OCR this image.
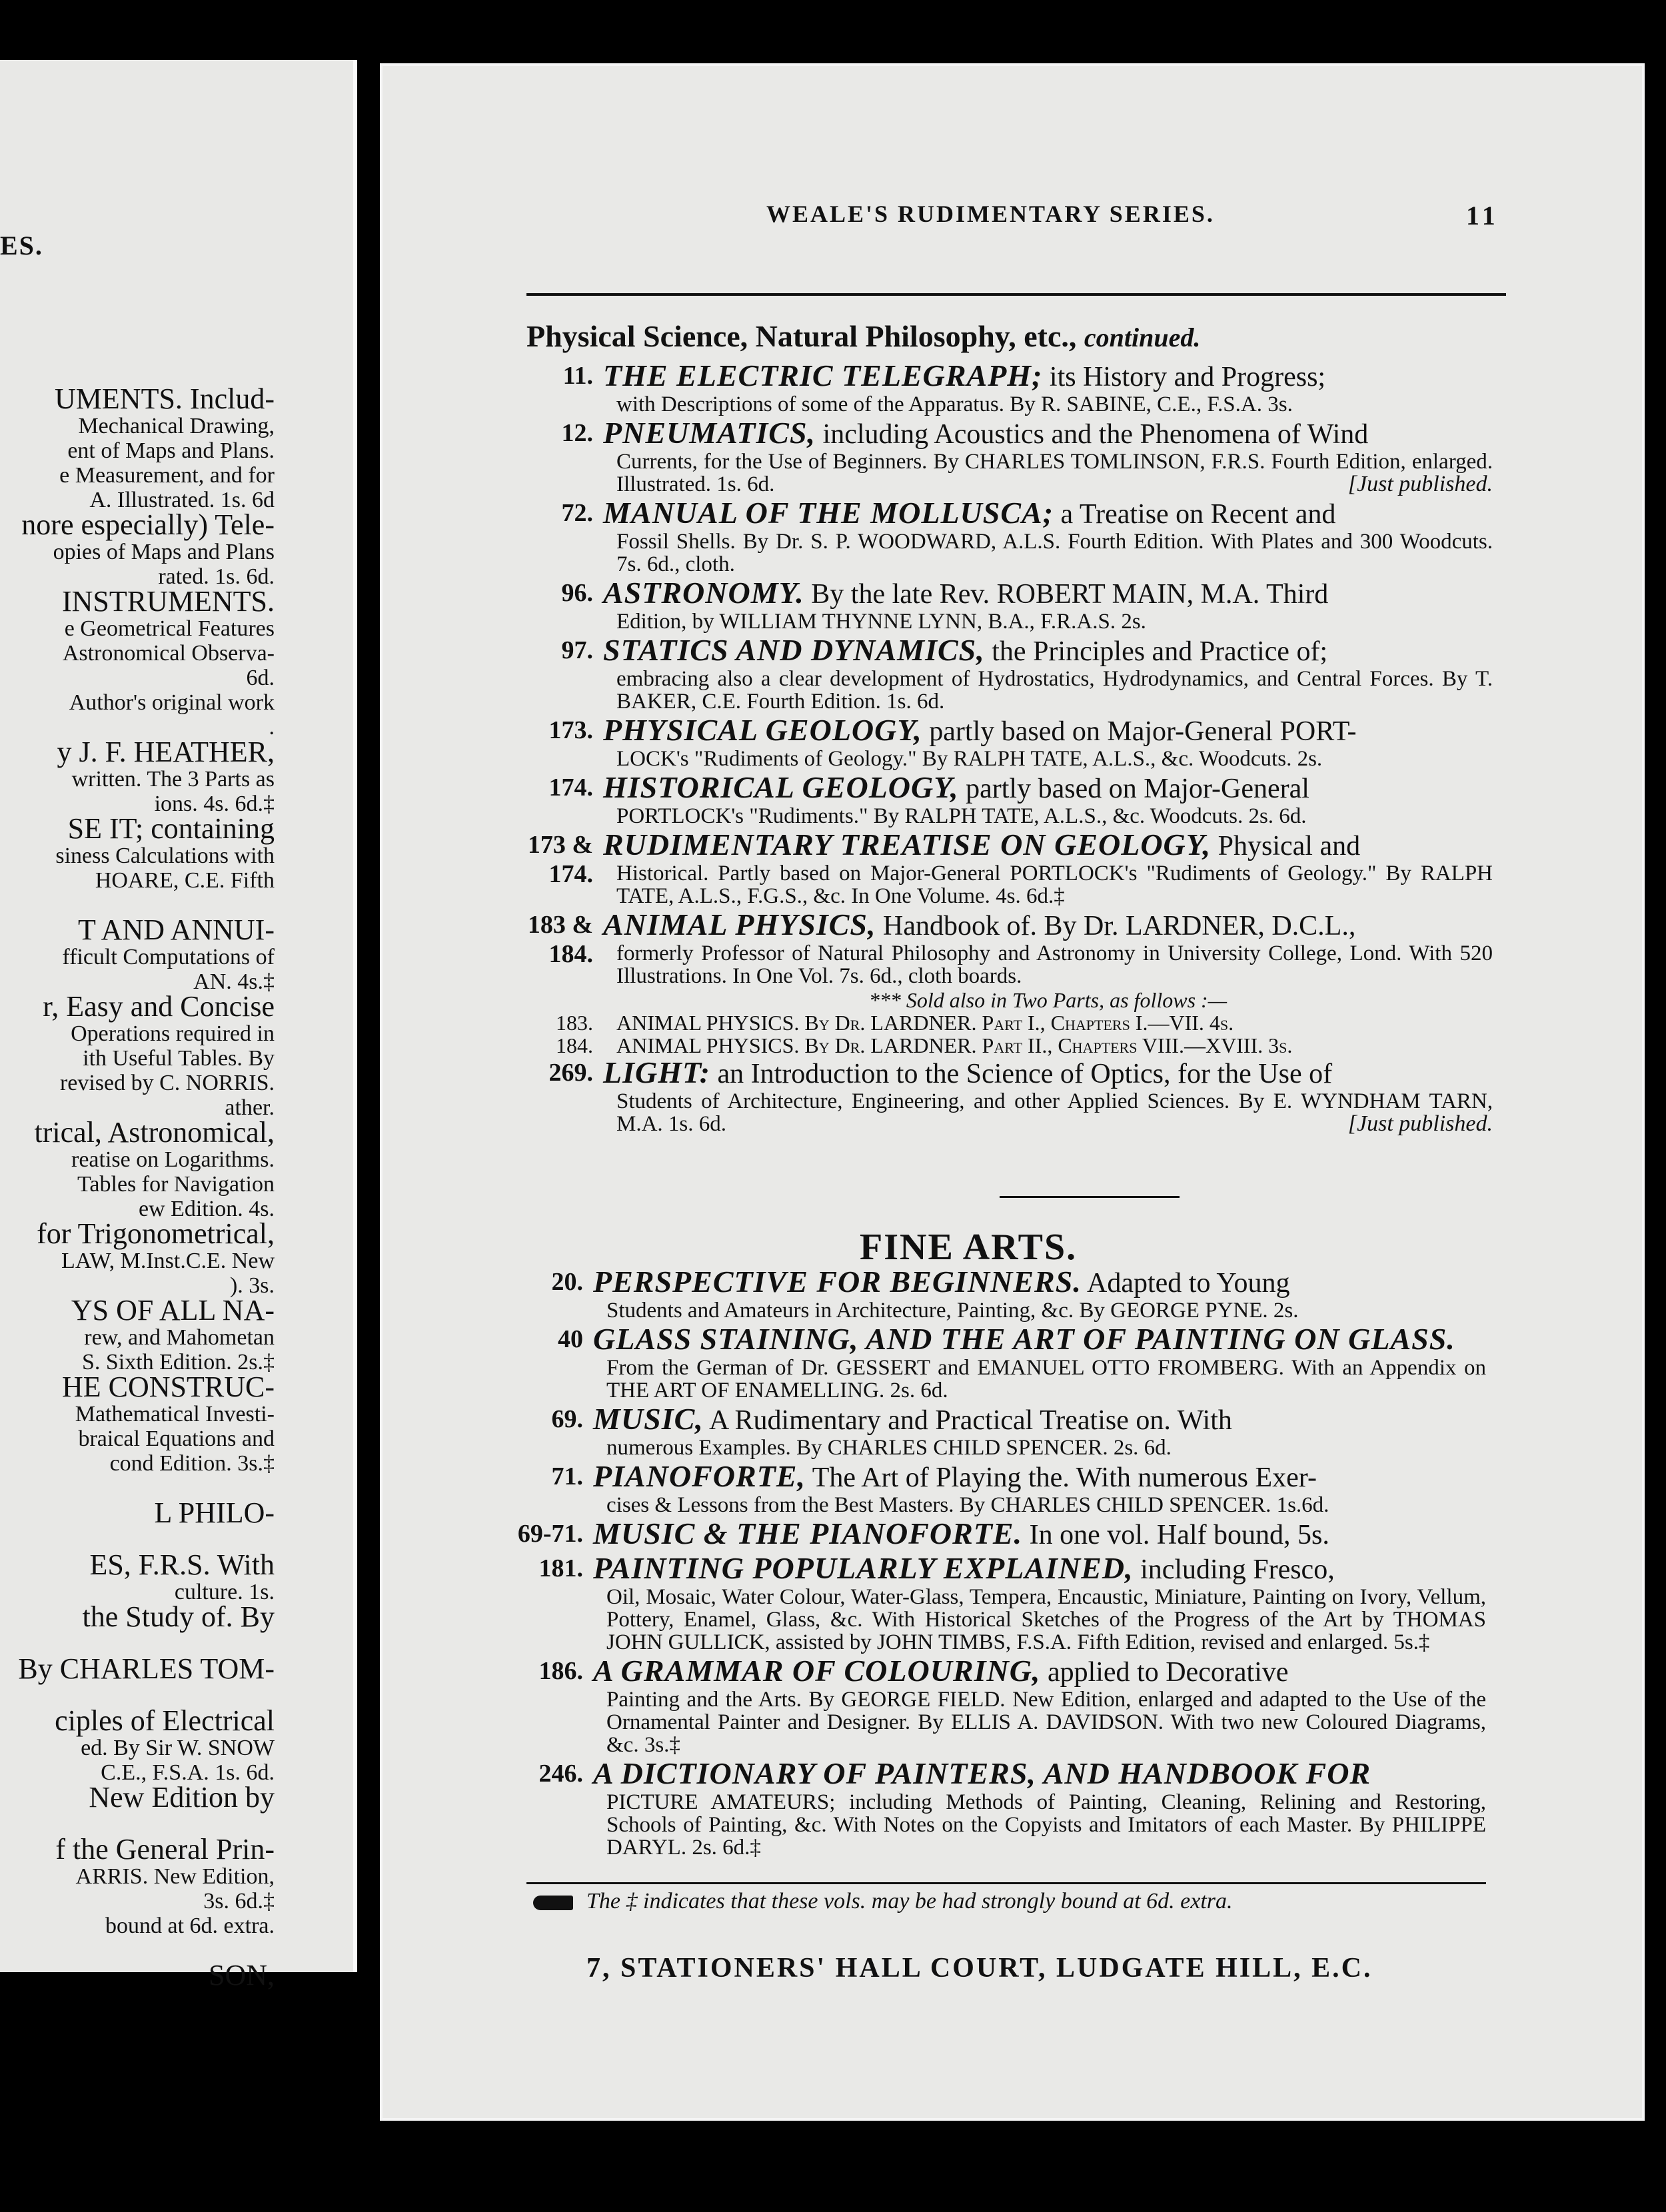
ES.
UMENTS. Includ-
Mechanical Drawing,
ent of Maps and Plans.
e Measurement, and for
A. Illustrated. 1s. 6d
nore especially) Tele-
opies of Maps and Plans
rated. 1s. 6d.
INSTRUMENTS.
e Geometrical Features
Astronomical Observa-
6d.
Author's original work
.
y J. F. HEATHER,
written. The 3 Parts as
ions. 4s. 6d.‡
SE IT; containing
siness Calculations with
HOARE, C.E. Fifth
T AND ANNUI-
fficult Computations of
AN. 4s.‡
r, Easy and Concise
Operations required in
ith Useful Tables. By
revised by C. NORRIS.
ather.
trical, Astronomical,
reatise on Logarithms.
Tables for Navigation
ew Edition. 4s.
for Trigonometrical,
LAW, M.Inst.C.E. New
). 3s.
YS OF ALL NA-
rew, and Mahometan
S. Sixth Edition. 2s.‡
HE CONSTRUC-
Mathematical Investi-
braical Equations and
cond Edition. 3s.‡
L PHILO-
ES, F.R.S. With
culture. 1s.
the Study of. By
By CHARLES TOM-
ciples of Electrical
ed. By Sir W. SNOW
C.E., F.S.A. 1s. 6d.
New Edition by
f the General Prin-
ARRIS. New Edition,
3s. 6d.‡
bound at 6d. extra.
SON,
WEALE'S RUDIMENTARY SERIES.	11
Physical Science, Natural Philosophy, etc., continued.
11. THE ELECTRIC TELEGRAPH; its History and Progress;
with Descriptions of some of the Apparatus. By R. SABINE, C.E., F.S.A. 3s.
12. PNEUMATICS, including Acoustics and the Phenomena of Wind
Currents, for the Use of Beginners. By CHARLES TOMLINSON, F.R.S. Fourth Edition, enlarged. Illustrated. 1s. 6d.	[Just published.
72. MANUAL OF THE MOLLUSCA; a Treatise on Recent and
Fossil Shells. By Dr. S. P. WOODWARD, A.L.S. Fourth Edition. With Plates and 300 Woodcuts. 7s. 6d., cloth.
96. ASTRONOMY. By the late Rev. ROBERT MAIN, M.A. Third
Edition, by WILLIAM THYNNE LYNN, B.A., F.R.A.S. 2s.
97. STATICS AND DYNAMICS, the Principles and Practice of;
embracing also a clear development of Hydrostatics, Hydrodynamics, and Central Forces. By T. BAKER, C.E. Fourth Edition. 1s. 6d.
173. PHYSICAL GEOLOGY, partly based on Major-General PORT-
LOCK's "Rudiments of Geology." By RALPH TATE, A.L.S., &c. Woodcuts. 2s.
174. HISTORICAL GEOLOGY, partly based on Major-General
PORTLOCK's "Rudiments." By RALPH TATE, A.L.S., &c. Woodcuts. 2s. 6d.
173 & 174.
RUDIMENTARY TREATISE ON GEOLOGY, Physical and
Historical. Partly based on Major-General PORTLOCK's "Rudiments of Geology." By RALPH TATE, A.L.S., F.G.S., &c. In One Volume. 4s. 6d.‡
183 & 184.
ANIMAL PHYSICS, Handbook of. By Dr. LARDNER, D.C.L.,
formerly Professor of Natural Philosophy and Astronomy in University College, Lond. With 520 Illustrations. In One Vol. 7s. 6d., cloth boards.
*** Sold also in Two Parts, as follows :—
183. ANIMAL PHYSICS. By Dr. LARDNER. Part I., Chapters I.—VII. 4s.
184. ANIMAL PHYSICS. By Dr. LARDNER. Part II., Chapters VIII.—XVIII. 3s.
269. LIGHT: an Introduction to the Science of Optics, for the Use of
Students of Architecture, Engineering, and other Applied Sciences. By E. WYNDHAM TARN, M.A. 1s. 6d.	[Just published.
FINE ARTS.
20. PERSPECTIVE FOR BEGINNERS. Adapted to Young
Students and Amateurs in Architecture, Painting, &c. By GEORGE PYNE. 2s.
40 GLASS STAINING, AND THE ART OF PAINTING ON GLASS.
From the German of Dr. GESSERT and EMANUEL OTTO FROMBERG. With an Appendix on THE ART OF ENAMELLING. 2s. 6d.
69. MUSIC, A Rudimentary and Practical Treatise on. With
numerous Examples. By CHARLES CHILD SPENCER. 2s. 6d.
71. PIANOFORTE, The Art of Playing the. With numerous Exer-
cises & Lessons from the Best Masters. By CHARLES CHILD SPENCER. 1s.6d.
69-71. MUSIC & THE PIANOFORTE. In one vol. Half bound, 5s.
181. PAINTING POPULARLY EXPLAINED, including Fresco,
Oil, Mosaic, Water Colour, Water-Glass, Tempera, Encaustic, Miniature, Painting on Ivory, Vellum, Pottery, Enamel, Glass, &c. With Historical Sketches of the Progress of the Art by THOMAS JOHN GULLICK, assisted by JOHN TIMBS, F.S.A. Fifth Edition, revised and enlarged. 5s.‡
186. A GRAMMAR OF COLOURING, applied to Decorative
Painting and the Arts. By GEORGE FIELD. New Edition, enlarged and adapted to the Use of the Ornamental Painter and Designer. By ELLIS A. DAVIDSON. With two new Coloured Diagrams, &c. 3s.‡
246. A DICTIONARY OF PAINTERS, AND HANDBOOK FOR
PICTURE AMATEURS; including Methods of Painting, Cleaning, Relining and Restoring, Schools of Painting, &c. With Notes on the Copyists and Imitators of each Master. By PHILIPPE DARYL. 2s. 6d.‡
The ‡ indicates that these vols. may be had strongly bound at 6d. extra.
7, STATIONERS' HALL COURT, LUDGATE HILL, E.C.
